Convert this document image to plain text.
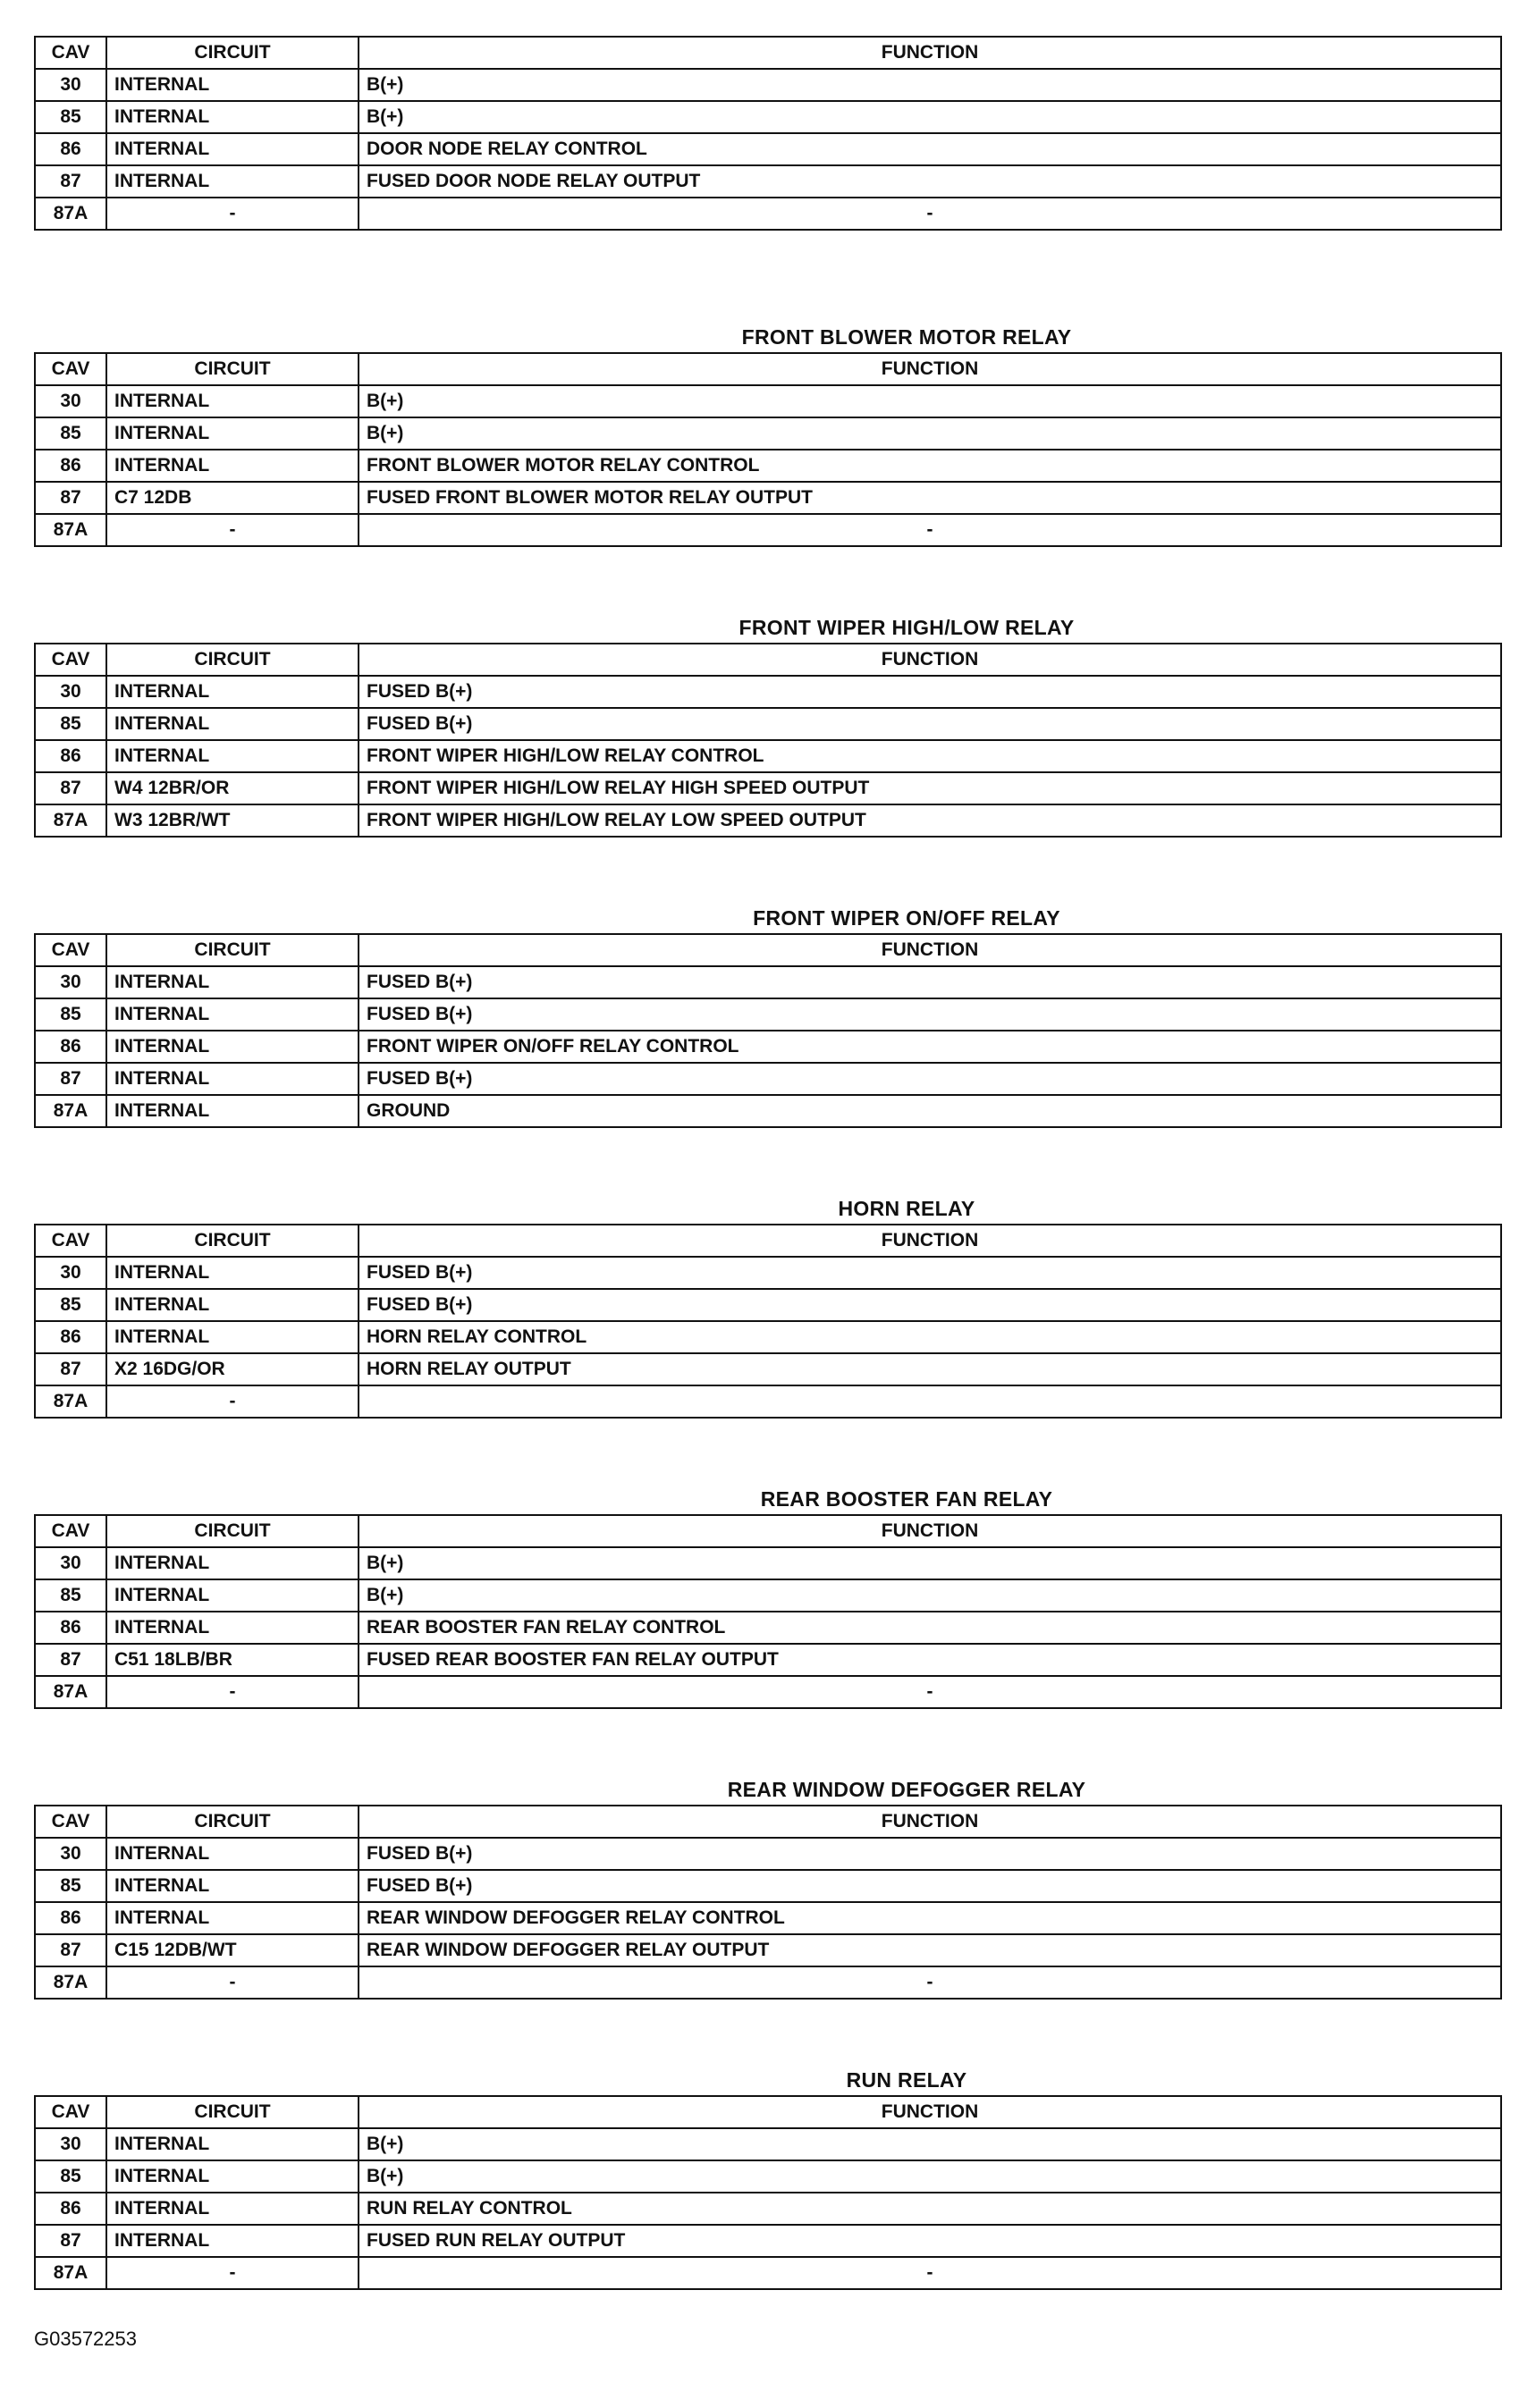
CAV	CIRCUIT	FUNCTION
30	INTERNAL	B(+)
85	INTERNAL	B(+)
86	INTERNAL	DOOR NODE RELAY CONTROL
87	INTERNAL	FUSED DOOR NODE RELAY OUTPUT
87A	-	-
FRONT BLOWER MOTOR RELAY
CAV	CIRCUIT	FUNCTION
30	INTERNAL	B(+)
85	INTERNAL	B(+)
86	INTERNAL	FRONT BLOWER MOTOR RELAY CONTROL
87	C7 12DB	FUSED FRONT BLOWER MOTOR RELAY OUTPUT
87A	-	-
FRONT WIPER HIGH/LOW RELAY
CAV	CIRCUIT	FUNCTION
30	INTERNAL	FUSED B(+)
85	INTERNAL	FUSED B(+)
86	INTERNAL	FRONT WIPER HIGH/LOW RELAY CONTROL
87	W4 12BR/OR	FRONT WIPER HIGH/LOW RELAY HIGH SPEED OUTPUT
87A	W3 12BR/WT	FRONT WIPER HIGH/LOW RELAY LOW SPEED OUTPUT
FRONT WIPER ON/OFF RELAY
CAV	CIRCUIT	FUNCTION
30	INTERNAL	FUSED B(+)
85	INTERNAL	FUSED B(+)
86	INTERNAL	FRONT WIPER ON/OFF RELAY CONTROL
87	INTERNAL	FUSED B(+)
87A	INTERNAL	GROUND
HORN RELAY
CAV	CIRCUIT	FUNCTION
30	INTERNAL	FUSED B(+)
85	INTERNAL	FUSED B(+)
86	INTERNAL	HORN RELAY CONTROL
87	X2 16DG/OR	HORN RELAY OUTPUT
87A	-	
REAR BOOSTER FAN RELAY
CAV	CIRCUIT	FUNCTION
30	INTERNAL	B(+)
85	INTERNAL	B(+)
86	INTERNAL	REAR BOOSTER FAN RELAY CONTROL
87	C51 18LB/BR	FUSED REAR BOOSTER FAN RELAY OUTPUT
87A	-	-
REAR WINDOW DEFOGGER RELAY
CAV	CIRCUIT	FUNCTION
30	INTERNAL	FUSED B(+)
85	INTERNAL	FUSED B(+)
86	INTERNAL	REAR WINDOW DEFOGGER RELAY CONTROL
87	C15 12DB/WT	REAR WINDOW DEFOGGER RELAY OUTPUT
87A	-	-
RUN RELAY
CAV	CIRCUIT	FUNCTION
30	INTERNAL	B(+)
85	INTERNAL	B(+)
86	INTERNAL	RUN RELAY CONTROL
87	INTERNAL	FUSED RUN RELAY OUTPUT
87A	-	-
G03572253
